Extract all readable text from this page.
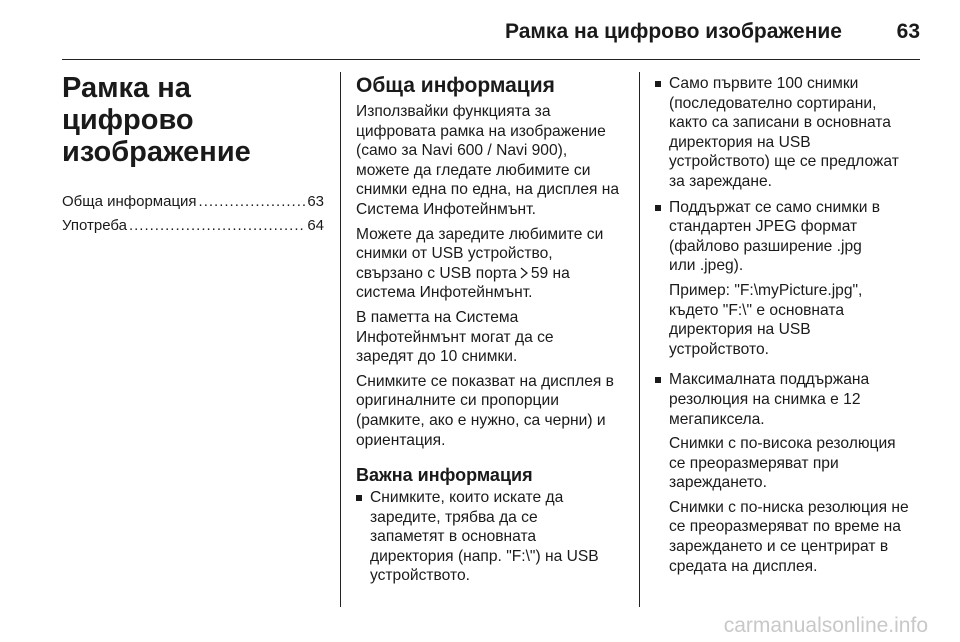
Рамка на цифрово изображение	63
Рамка на цифрово
изображение
Обща информация .....	63
Употреба .....	64
Обща информация
Използвайки функцията за
цифровата рамка на изображение
(само за Navi 600 / Navi 900),
можете да гледате любимите си
снимки една по една, на дисплея на
Система Инфотейнмънт.
Можете да заредите любимите си
снимки от USB устройство,
свързано с USB порта 59 на
система Инфотейнмънт.
В паметта на Система
Инфотейнмънт могат да се
заредят до 10 снимки.
Снимките се показват на дисплея в
оригиналните си пропорции
(рамките, ако е нужно, са черни) и
ориентация.
Важна информация
Снимките, които искате да
заредите, трябва да се
запаметят в основната
директория (напр. "F:\") на USB
устройството.
Само първите 100 снимки
(последователно сортирани,
както са записани в основната
директория на USB
устройството) ще се предложат
за зареждане.
Поддържат се само снимки в
стандартен JPEG формат
(файлово разширение .jpg
или .jpeg).
Пример: "F:\myPicture.jpg",
където "F:\" е основната
директория на USB
устройството.
Максималната поддържана
резолюция на снимка е 12
мегапиксела.
Снимки с по-висока резолюция
се преоразмеряват при
зареждането.
Снимки с по-ниска резолюция не
се преоразмеряват по време на
зареждането и се центрират в
средата на дисплея.
carmanualsonline.info
